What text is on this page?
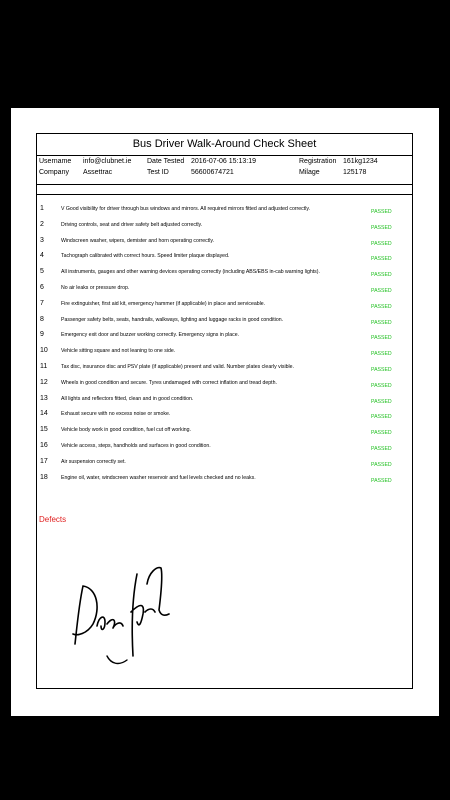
Bus Driver Walk-Around Check Sheet
Username info@clubnet.ie Date Tested 2016-07-06 15:13:19	Registration 161kg1234
Company Assettrac	Test ID	56600674721	Milage	125178
1	V Good visibility for driver through bus windows and mirrors. All required mirrors fitted and adjusted correctly.	PASSED
2	Driving controls, seat and driver safety belt adjusted correctly.	PASSED
3	Windscreen washer, wipers, demister and horn operating correctly.	PASSED
4	Tachograph calibrated with correct hours. Speed limiter plaque displayed.	PASSED
5	All instruments, gauges and other warning devices operating correctly (including ABS/EBS in-cab warning lights).	PASSED
6	No air leaks or pressure drop.	PASSED
7	Fire extinguisher, first aid kit, emergency hammer (if applicable) in place and serviceable.	PASSED
8	Passenger safety belts, seats, handrails, walkways, lighting and luggage racks in good condition.	PASSED
9	Emergency exit door and buzzer working correctly. Emergency signs in place.	PASSED
10	Vehicle sitting square and not leaning to one side.	PASSED
11	Tax disc, insurance disc and PSV plate (if applicable) present and valid. Number plates clearly visible.	PASSED
12	Wheels in good condition and secure. Tyres undamaged with correct inflation and tread depth.	PASSED
13	All lights and reflectors fitted, clean and in good condition.	PASSED
14	Exhaust secure with no excess noise or smoke.	PASSED
15	Vehicle body work in good condition, fuel cut off working.	PASSED
16	Vehicle access, steps, handholds and surfaces in good condition.	PASSED
17	Air suspension correctly set.	PASSED
18	Engine oil, water, windscreen washer reservoir and fuel levels checked and no leaks.	PASSED
Defects
